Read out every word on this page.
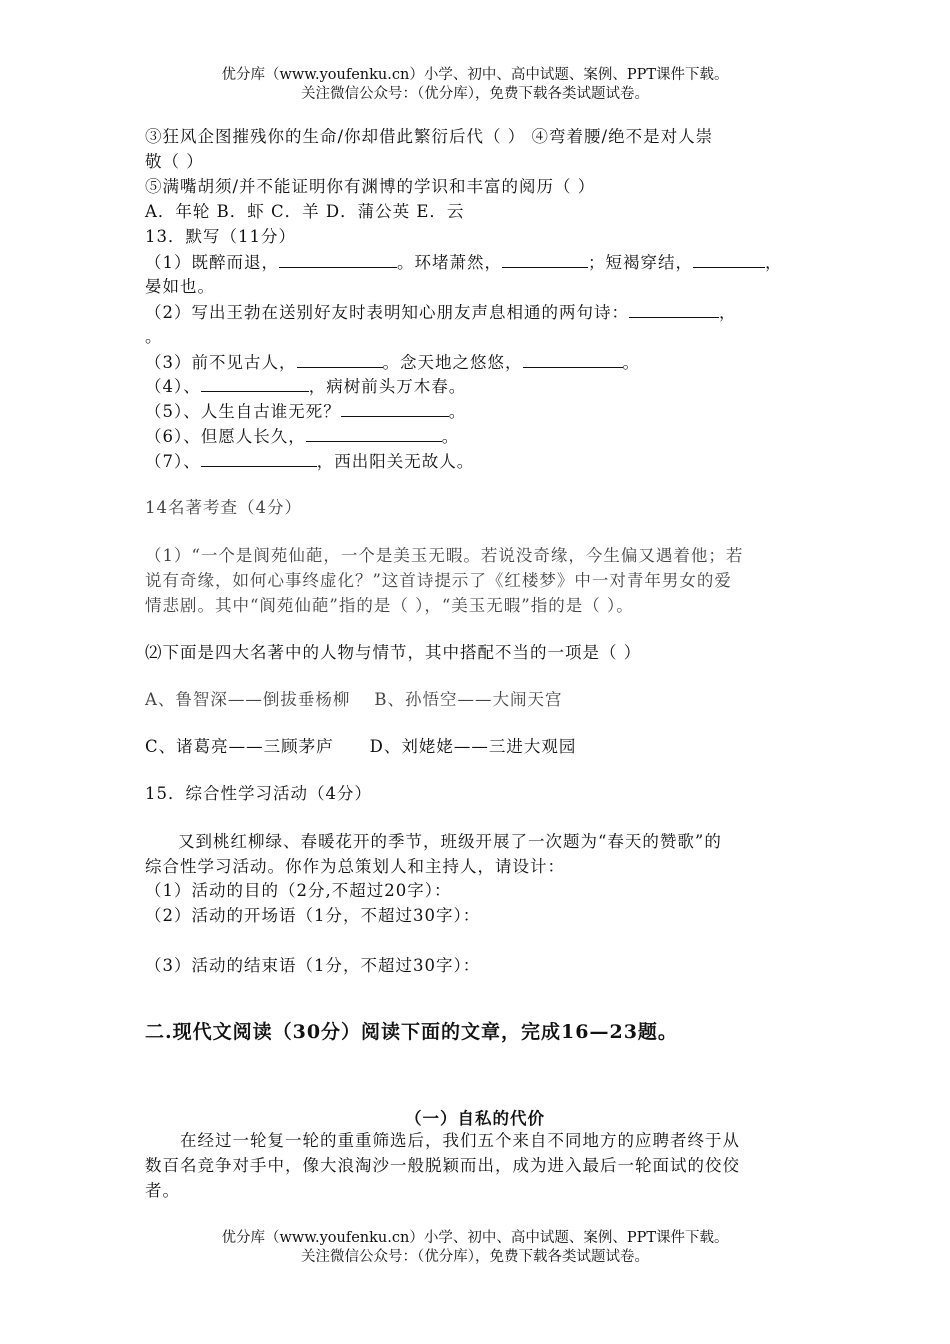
优分库（www.youfenku.cn）小学、初中、高中试题、案例、PPT课件下载。
关注微信公众号：（优分库），免费下载各类试题试卷。
③狂风企图摧残你的生命/你却借此繁衍后代（ ） ④弯着腰/绝不是对人崇
敬（ ）
⑤满嘴胡须/并不能证明你有渊博的学识和丰富的阅历（ ）
A．年轮 B．虾 C．羊 D．蒲公英 E．云
13．默写（11分）
（1）既醉而退，	。环堵萧然，	；短褐穿结，	，
晏如也。
（2）写出王勃在送别好友时表明知心朋友声息相通的两句诗：	，
。
（3）前不见古人，	。念天地之悠悠，	。
（4）、	，病树前头万木春。
（5）、人生自古谁无死？	。
（6）、但愿人长久，	。
（7）、	，西出阳关无故人。
14名著考查（4分）
（1）“一个是阆苑仙葩，一个是美玉无暇。若说没奇缘，今生偏又遇着他；若
说有奇缘，如何心事终虚化？”这首诗提示了《红楼梦》中一对青年男女的爱
情悲剧。其中“阆苑仙葩”指的是（ ），“美玉无暇”指的是（ ）。
⑵下面是四大名著中的人物与情节，其中搭配不当的一项是（ ）
A、鲁智深——倒拔垂杨柳 B、孙悟空——大闹天宫
C、诸葛亮——三顾茅庐 D、刘姥姥——三进大观园
15．综合性学习活动（4分）
又到桃红柳绿、春暖花开的季节，班级开展了一次题为“春天的赞歌”的
综合性学习活动。你作为总策划人和主持人，请设计：
（1）活动的目的（2分,不超过20字）：
（2）活动的开场语（1分，不超过30字）：
（3）活动的结束语（1分，不超过30字）：
二.现代文阅读（30分）阅读下面的文章，完成16—23题。
（一）自私的代价
在经过一轮复一轮的重重筛选后，我们五个来自不同地方的应聘者终于从
数百名竞争对手中，像大浪淘沙一般脱颖而出，成为进入最后一轮面试的佼佼
者。
优分库（www.youfenku.cn）小学、初中、高中试题、案例、PPT课件下载。
关注微信公众号：（优分库），免费下载各类试题试卷。
